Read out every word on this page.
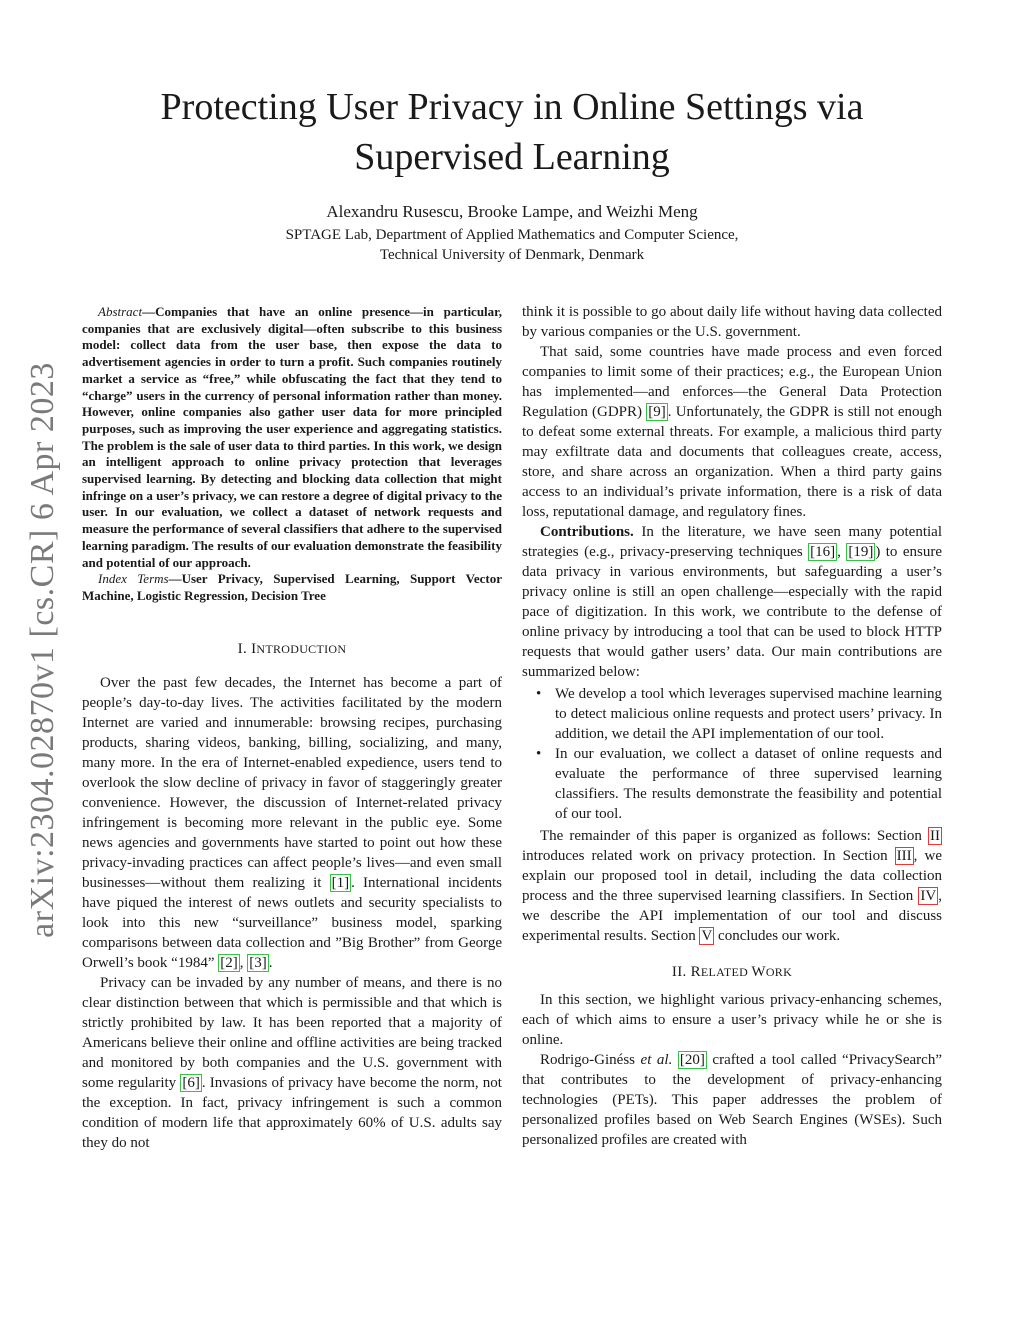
arXiv:2304.02870v1 [cs.CR] 6 Apr 2023
Protecting User Privacy in Online Settings via Supervised Learning
Alexandru Rusescu, Brooke Lampe, and Weizhi Meng
SPTAGE Lab, Department of Applied Mathematics and Computer Science,
Technical University of Denmark, Denmark

Abstract—Companies that have an online presence—in particular, companies that are exclusively digital—often subscribe to this business model: collect data from the user base, then expose the data to advertisement agencies in order to turn a profit. Such companies routinely market a service as “free,” while obfuscating the fact that they tend to “charge” users in the currency of personal information rather than money. However, online companies also gather user data for more principled purposes, such as improving the user experience and aggregating statistics. The problem is the sale of user data to third parties. In this work, we design an intelligent approach to online privacy protection that leverages supervised learning. By detecting and blocking data collection that might infringe on a user’s privacy, we can restore a degree of digital privacy to the user. In our evaluation, we collect a dataset of network requests and measure the performance of several classifiers that adhere to the supervised learning paradigm. The results of our evaluation demonstrate the feasibility and potential of our approach.

Index Terms—User Privacy, Supervised Learning, Support Vector Machine, Logistic Regression, Decision Tree

I. INTRODUCTION

Over the past few decades, the Internet has become a part of people’s day-to-day lives. The activities facilitated by the modern Internet are varied and innumerable: browsing recipes, purchasing products, sharing videos, banking, billing, socializing, and many, many more. In the era of Internet-enabled expedience, users tend to overlook the slow decline of privacy in favor of staggeringly greater convenience. However, the discussion of Internet-related privacy infringement is becoming more relevant in the public eye. Some news agencies and governments have started to point out how these privacy-invading practices can affect people’s lives—and even small businesses—without them realizing it [1] . International incidents have piqued the interest of news outlets and security specialists to look into this new “surveillance” business model, sparking comparisons between data collection and ”Big Brother” from George Orwell’s book “1984” [2] , [3] .

Privacy can be invaded by any number of means, and there is no clear distinction between that which is permissible and that which is strictly prohibited by law. It has been reported that a majority of Americans believe their online and offline activities are being tracked and monitored by both companies and the U.S. government with some regularity [6] . Invasions of privacy have become the norm, not the exception. In fact, privacy infringement is such a common condition of modern life that approximately 60% of U.S. adults say they do not

think it is possible to go about daily life without having data collected by various companies or the U.S. government.

That said, some countries have made process and even forced companies to limit some of their practices; e.g., the European Union has implemented—and enforces—the General Data Protection Regulation (GDPR) [9] . Unfortunately, the GDPR is still not enough to defeat some external threats. For example, a malicious third party may exfiltrate data and documents that colleagues create, access, store, and share across an organization. When a third party gains access to an individual’s private information, there is a risk of data loss, reputational damage, and regulatory fines.

Contributions. In the literature, we have seen many potential strategies (e.g., privacy-preserving techniques [16] , [19] ) to ensure data privacy in various environments, but safeguarding a user’s privacy online is still an open challenge—especially with the rapid pace of digitization. In this work, we contribute to the defense of online privacy by introducing a tool that can be used to block HTTP requests that would gather users’ data. Our main contributions are summarized below:

• We develop a tool which leverages supervised machine learning to detect malicious online requests and protect users’ privacy. In addition, we detail the API implementation of our tool.
• In our evaluation, we collect a dataset of online requests and evaluate the performance of three supervised learning classifiers. The results demonstrate the feasibility and potential of our tool.

The remainder of this paper is organized as follows: Section II introduces related work on privacy protection. In Section III , we explain our proposed tool in detail, including the data collection process and the three supervised learning classifiers. In Section IV , we describe the API implementation of our tool and discuss experimental results. Section V concludes our work.

II. RELATED WORK

In this section, we highlight various privacy-enhancing schemes, each of which aims to ensure a user’s privacy while he or she is online.

Rodrigo-Ginéss et al. [20] crafted a tool called “PrivacySearch” that contributes to the development of privacy-enhancing technologies (PETs). This paper addresses the problem of personalized profiles based on Web Search Engines (WSEs). Such personalized profiles are created with
